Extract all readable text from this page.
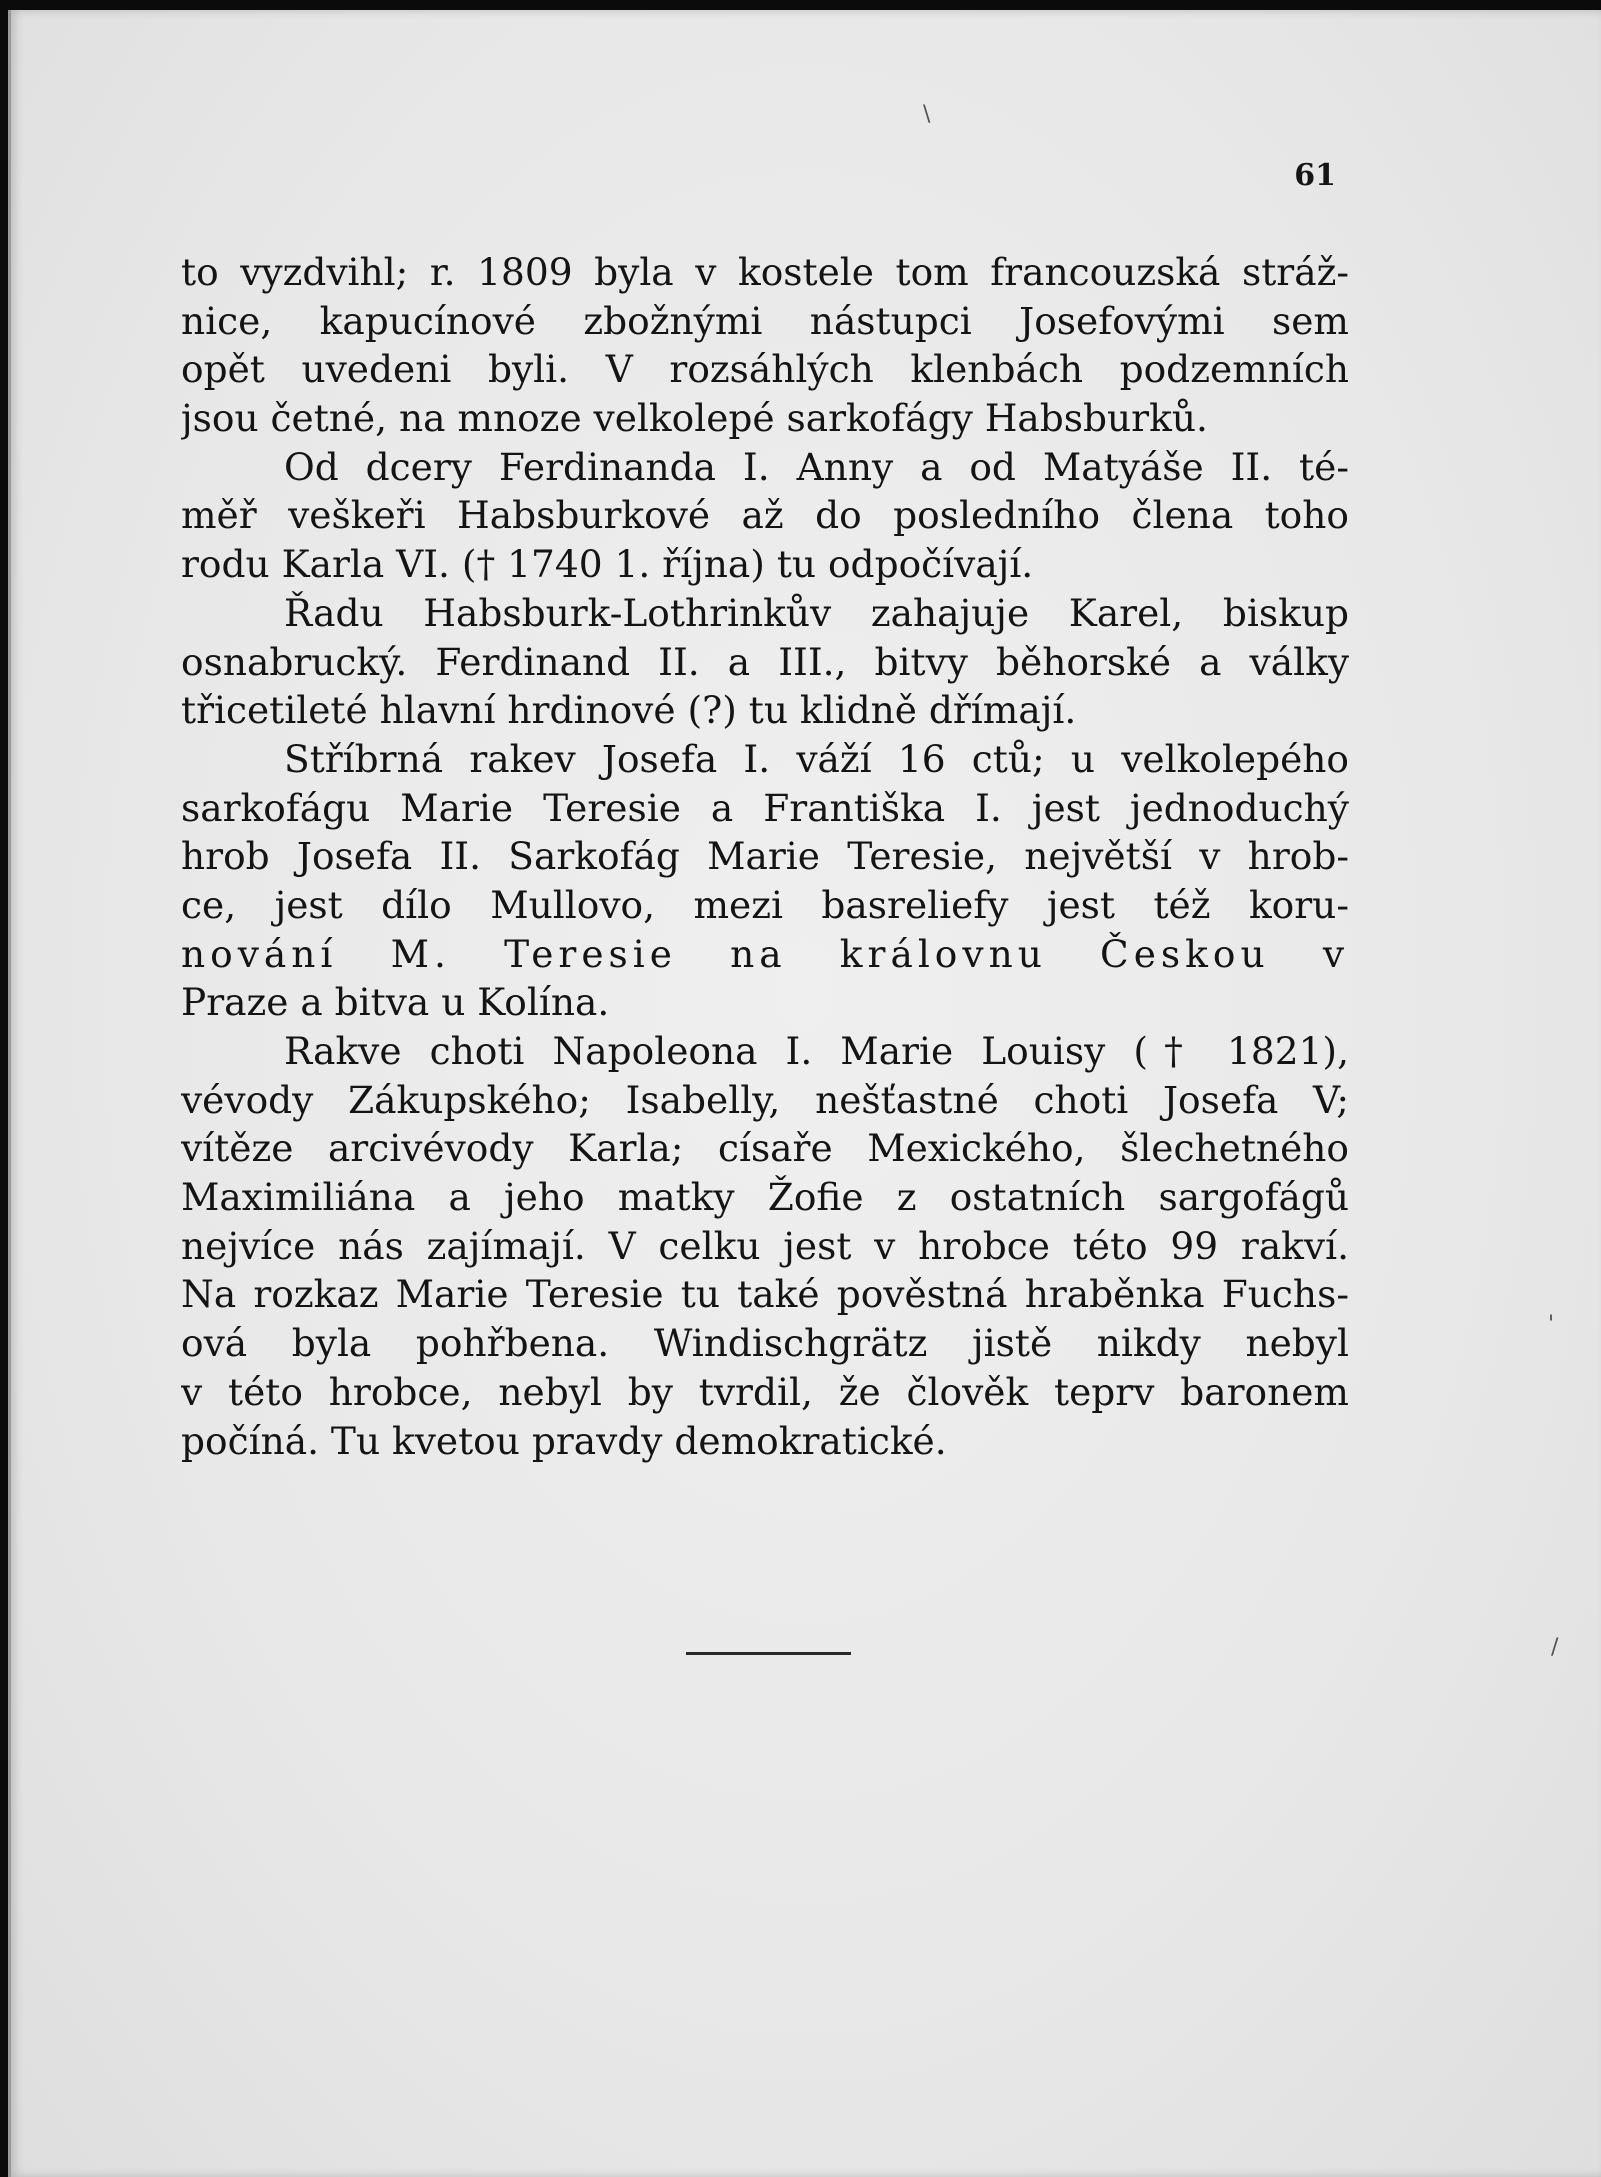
\
'
/

61

to vyzdvihl; r. 1809 byla v kostele tom francouzská stráž-
nice, kapucínové zbožnými nástupci Josefovými sem
opět uvedeni byli. V rozsáhlých klenbách podzemních
jsou četné, na mnoze velkolepé sarkofágy Habsburků.
Od dcery Ferdinanda I. Anny a od Matyáše II. té-
měř veškeři Habsburkové až do posledního člena toho
rodu Karla VI. († 1740 1. října) tu odpočívají.
Řadu Habsburk-Lothrinkův zahajuje Karel, biskup
osnabrucký. Ferdinand II. a III., bitvy běhorské a války
třicetileté hlavní hrdinové (?) tu klidně dřímají.
Stříbrná rakev Josefa I. váží 16 ctů; u velkolepého
sarkofágu Marie Teresie a Františka I. jest jednoduchý
hrob Josefa II. Sarkofág Marie Teresie, největší v hrob-
ce, jest dílo Mullovo, mezi basreliefy jest též koru-
nování M. Teresie na královnu Českou v
Praze a bitva u Kolína.
Rakve choti Napoleona I. Marie Louisy († 1821),
vévody Zákupského; Isabelly, nešťastné choti Josefa V;
vítěze arcivévody Karla; císaře Mexického, šlechetného
Maximiliána a jeho matky Žofie z ostatních sargofágů
nejvíce nás zajímají. V celku jest v hrobce této 99 rakví.
Na rozkaz Marie Teresie tu také pověstná hraběnka Fuchs-
ová byla pohřbena. Windischgrätz jistě nikdy nebyl
v této hrobce, nebyl by tvrdil, že člověk teprv baronem
počíná. Tu kvetou pravdy demokratické.
